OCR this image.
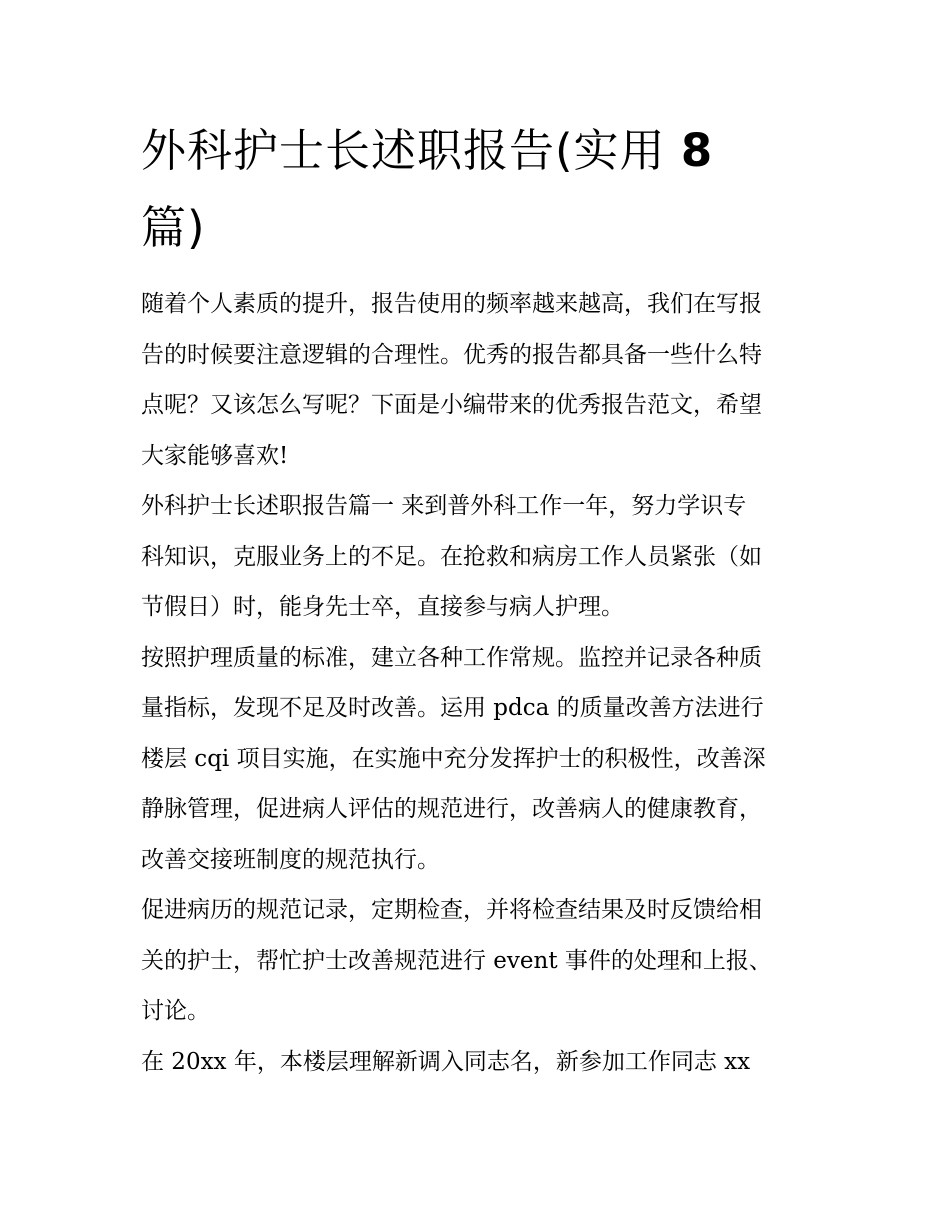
外科护士长述职报告(实用 8
篇)
随着个人素质的提升，报告使用的频率越来越高，我们在写报
告的时候要注意逻辑的合理性。优秀的报告都具备一些什么特
点呢？又该怎么写呢？下面是小编带来的优秀报告范文，希望
大家能够喜欢!
外科护士长述职报告篇一 来到普外科工作一年，努力学识专
科知识，克服业务上的不足。在抢救和病房工作人员紧张（如
节假日）时，能身先士卒，直接参与病人护理。
按照护理质量的标准，建立各种工作常规。监控并记录各种质
量指标，发现不足及时改善。运用 pdca 的质量改善方法进行
楼层 cqi 项目实施，在实施中充分发挥护士的积极性，改善深
静脉管理，促进病人评估的规范进行，改善病人的健康教育，
改善交接班制度的规范执行。
促进病历的规范记录，定期检查，并将检查结果及时反馈给相
关的护士，帮忙护士改善规范进行 event 事件的处理和上报、
讨论。
在 20xx 年，本楼层理解新调入同志名，新参加工作同志 xx
